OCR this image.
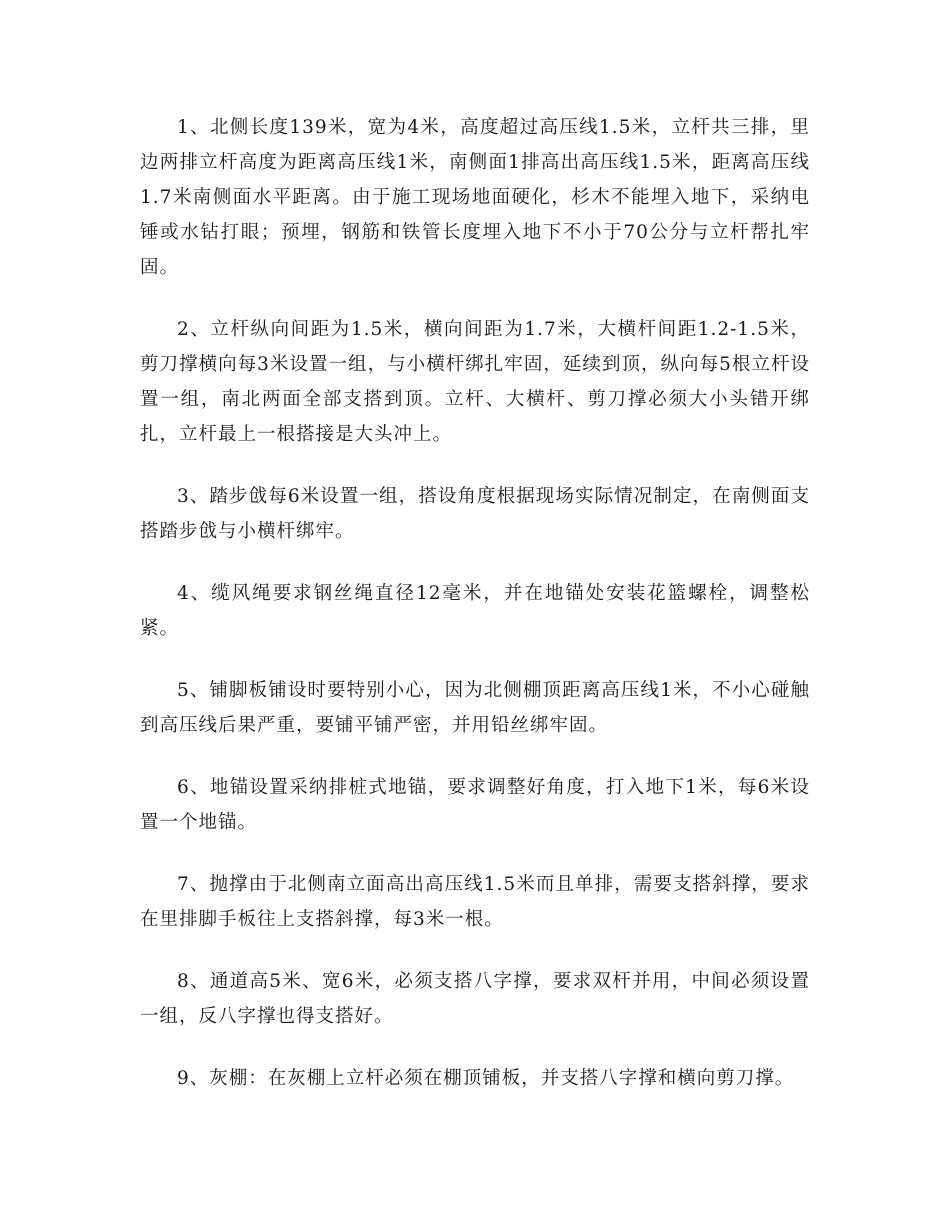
1、北侧长度139米，宽为4米，高度超过高压线1.5米，立杆共三排，里边两排立杆高度为距离高压线1米，南侧面1排高出高压线1.5米，距离高压线1.7米南侧面水平距离。由于施工现场地面硬化，杉木不能埋入地下，采纳电锤或水钻打眼；预埋，钢筋和铁管长度埋入地下不小于70公分与立杆帮扎牢固。

2、立杆纵向间距为1.5米，横向间距为1.7米，大横杆间距1.2-1.5米，剪刀撑横向每3米设置一组，与小横杆绑扎牢固，延续到顶，纵向每5根立杆设置一组，南北两面全部支搭到顶。立杆、大横杆、剪刀撑必须大小头错开绑扎，立杆最上一根搭接是大头冲上。

3、踏步戗每6米设置一组，搭设角度根据现场实际情况制定，在南侧面支搭踏步戗与小横杆绑牢。

4、缆风绳要求钢丝绳直径12毫米，并在地锚处安装花篮螺栓，调整松紧。

5、铺脚板铺设时要特别小心，因为北侧棚顶距离高压线1米，不小心碰触到高压线后果严重，要铺平铺严密，并用铅丝绑牢固。

6、地锚设置采纳排桩式地锚，要求调整好角度，打入地下1米，每6米设置一个地锚。

7、抛撑由于北侧南立面高出高压线1.5米而且单排，需要支搭斜撑，要求在里排脚手板往上支搭斜撑，每3米一根。

8、通道高5米、宽6米，必须支搭八字撑，要求双杆并用，中间必须设置一组，反八字撑也得支搭好。

9、灰棚：在灰棚上立杆必须在棚顶铺板，并支搭八字撑和横向剪刀撑。
